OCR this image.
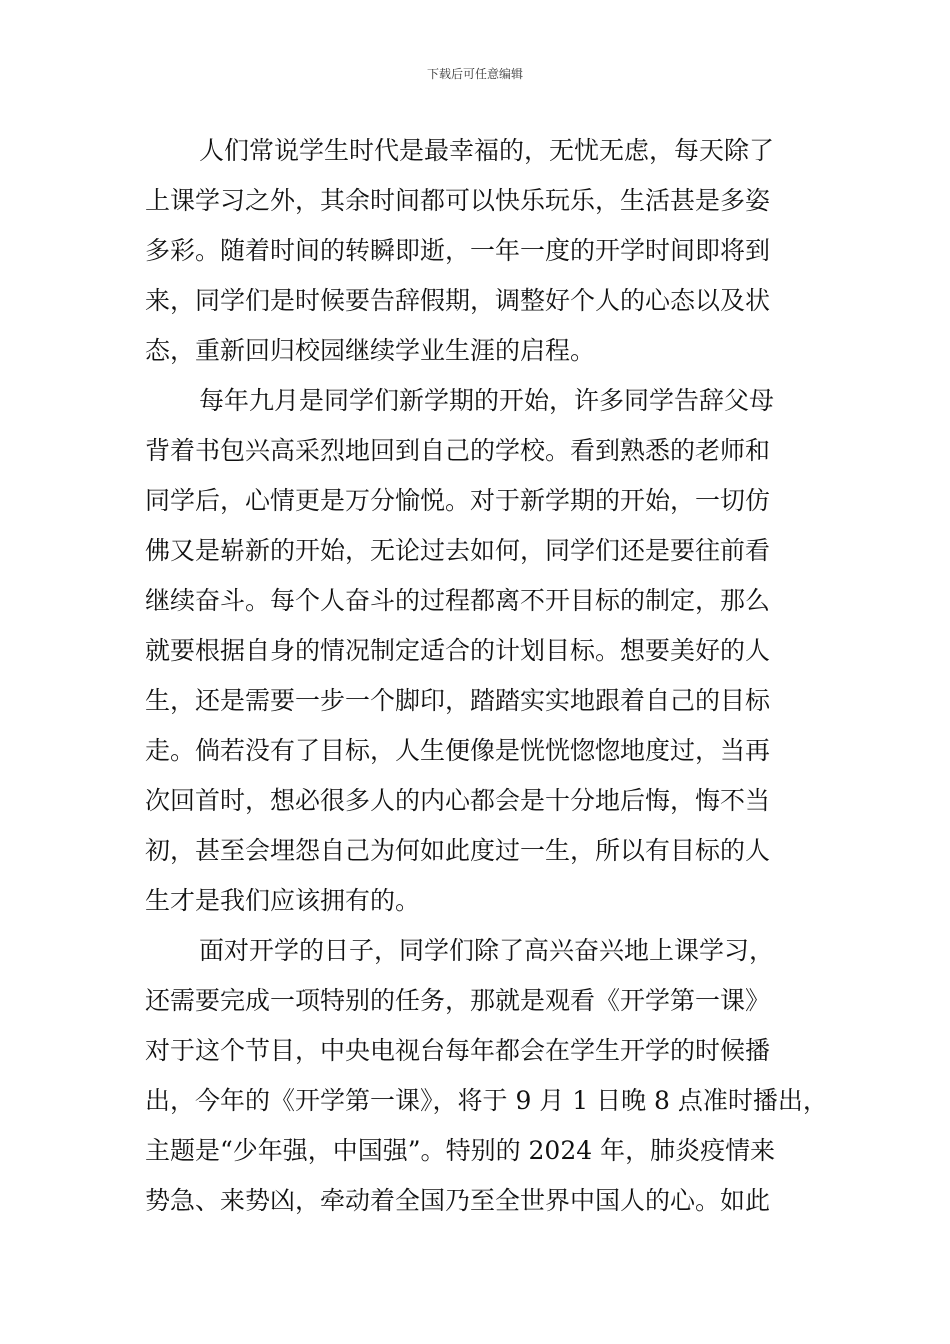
下载后可任意编辑
人们常说学生时代是最幸福的，无忧无虑，每天除了
上课学习之外，其余时间都可以快乐玩乐，生活甚是多姿
多彩。随着时间的转瞬即逝，一年一度的开学时间即将到
来，同学们是时候要告辞假期，调整好个人的心态以及状
态，重新回归校园继续学业生涯的启程。
每年九月是同学们新学期的开始，许多同学告辞父母
背着书包兴高采烈地回到自己的学校。看到熟悉的老师和
同学后，心情更是万分愉悦。对于新学期的开始，一切仿
佛又是崭新的开始，无论过去如何，同学们还是要往前看
继续奋斗。每个人奋斗的过程都离不开目标的制定，那么
就要根据自身的情况制定适合的计划目标。想要美好的人
生，还是需要一步一个脚印，踏踏实实地跟着自己的目标
走。倘若没有了目标，人生便像是恍恍惚惚地度过，当再
次回首时，想必很多人的内心都会是十分地后悔，悔不当
初，甚至会埋怨自己为何如此度过一生，所以有目标的人
生才是我们应该拥有的。
面对开学的日子，同学们除了高兴奋兴地上课学习，
还需要完成一项特别的任务，那就是观看《开学第一课》
对于这个节目，中央电视台每年都会在学生开学的时候播
出，今年的《开学第一课》，将于 9 月 1 日晚 8 点准时播出，
主题是“少年强，中国强”。特别的 2024 年，肺炎疫情来
势急、来势凶，牵动着全国乃至全世界中国人的心。如此
